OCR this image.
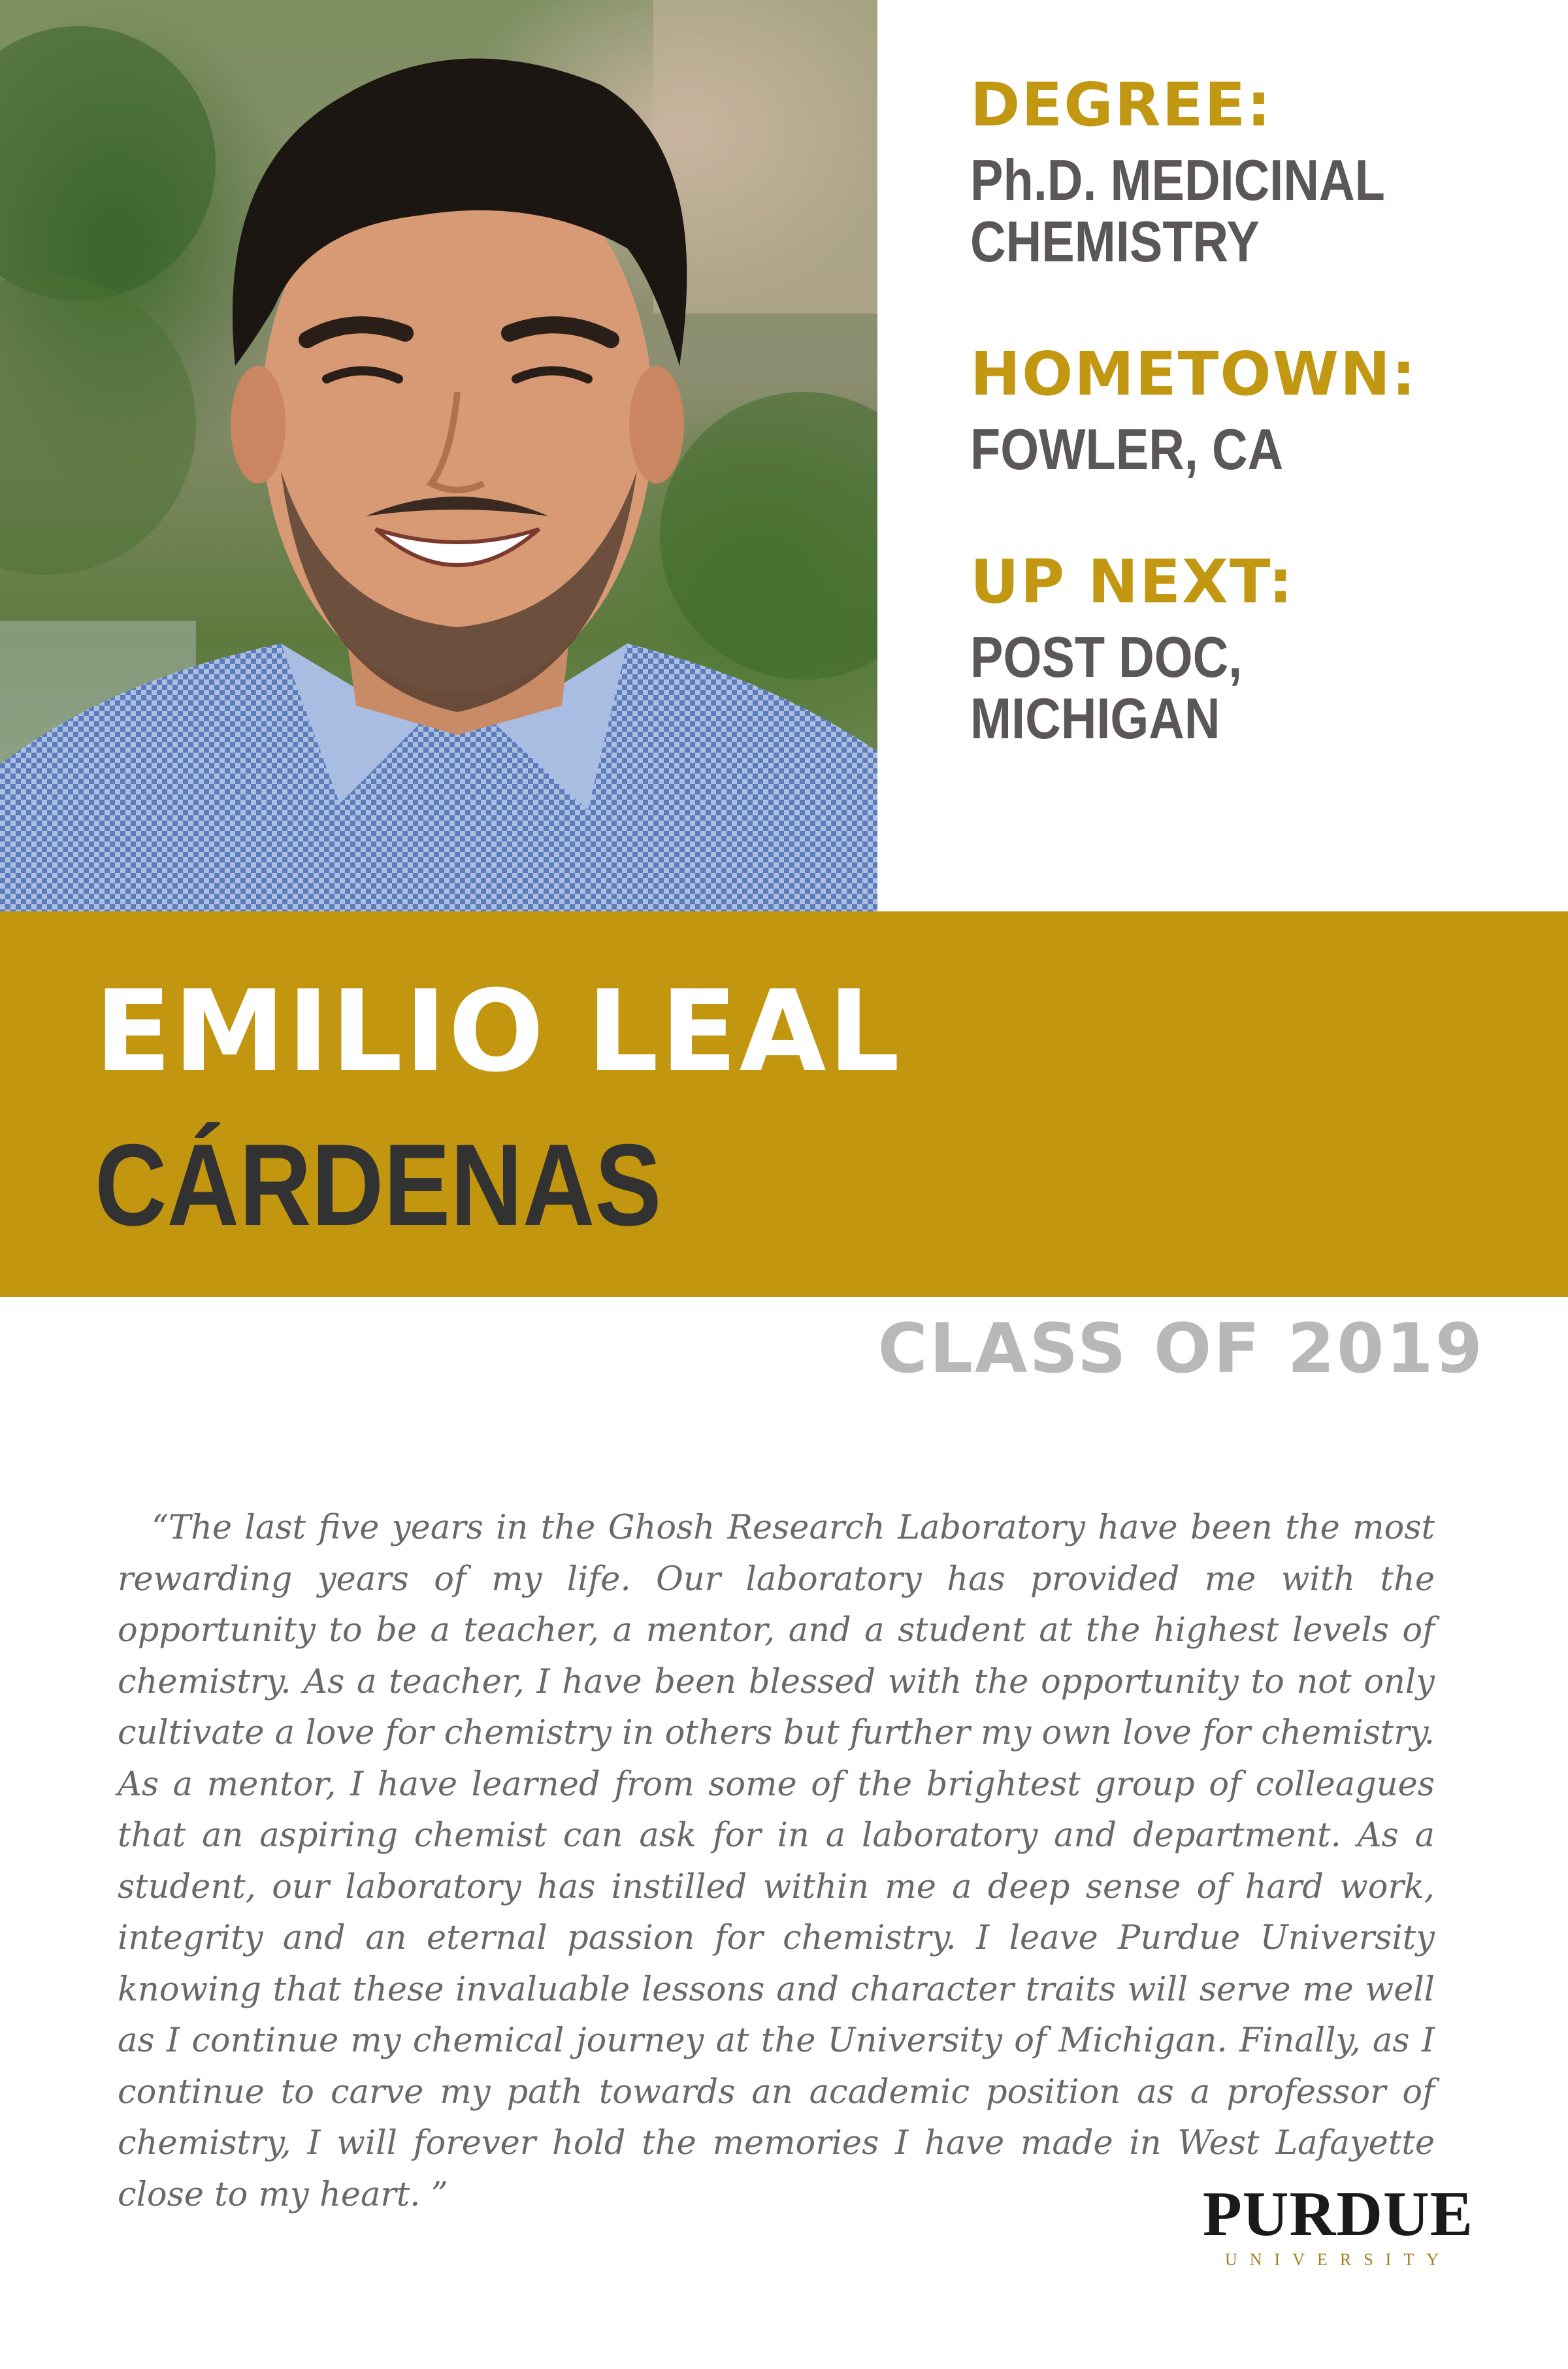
DEGREE:

Ph.D. MEDICINAL

CHEMISTRY

HOMETOWN:

FOWLER, CA

UP NEXT:

POST DOC,

MICHIGAN

EMILIO LEAL
CÁRDENAS
CLASS OF 2019

“The last five years in the Ghosh Research Laboratory have been the most rewarding years of my life. Our laboratory has provided me with the opportunity to be a teacher, a mentor, and a student at the highest levels of chemistry. As a teacher, I have been blessed with the opportunity to not only cultivate a love for chemistry in others but further my own love for chemistry. As a mentor, I have learned from some of the brightest group of colleagues that an aspiring chemist can ask for in a laboratory and department. As a student, our laboratory has instilled within me a deep sense of hard work, integrity and an eternal passion for chemistry. I leave Purdue University knowing that these invaluable lessons and character traits will serve me well as I continue my chemical journey at the University of Michigan. Finally, as I continue to carve my path towards an academic position as a professor of chemistry, I will forever hold the memories I have made in West Lafayette close to my heart. ”	PURDUE
UNIVERSITY
